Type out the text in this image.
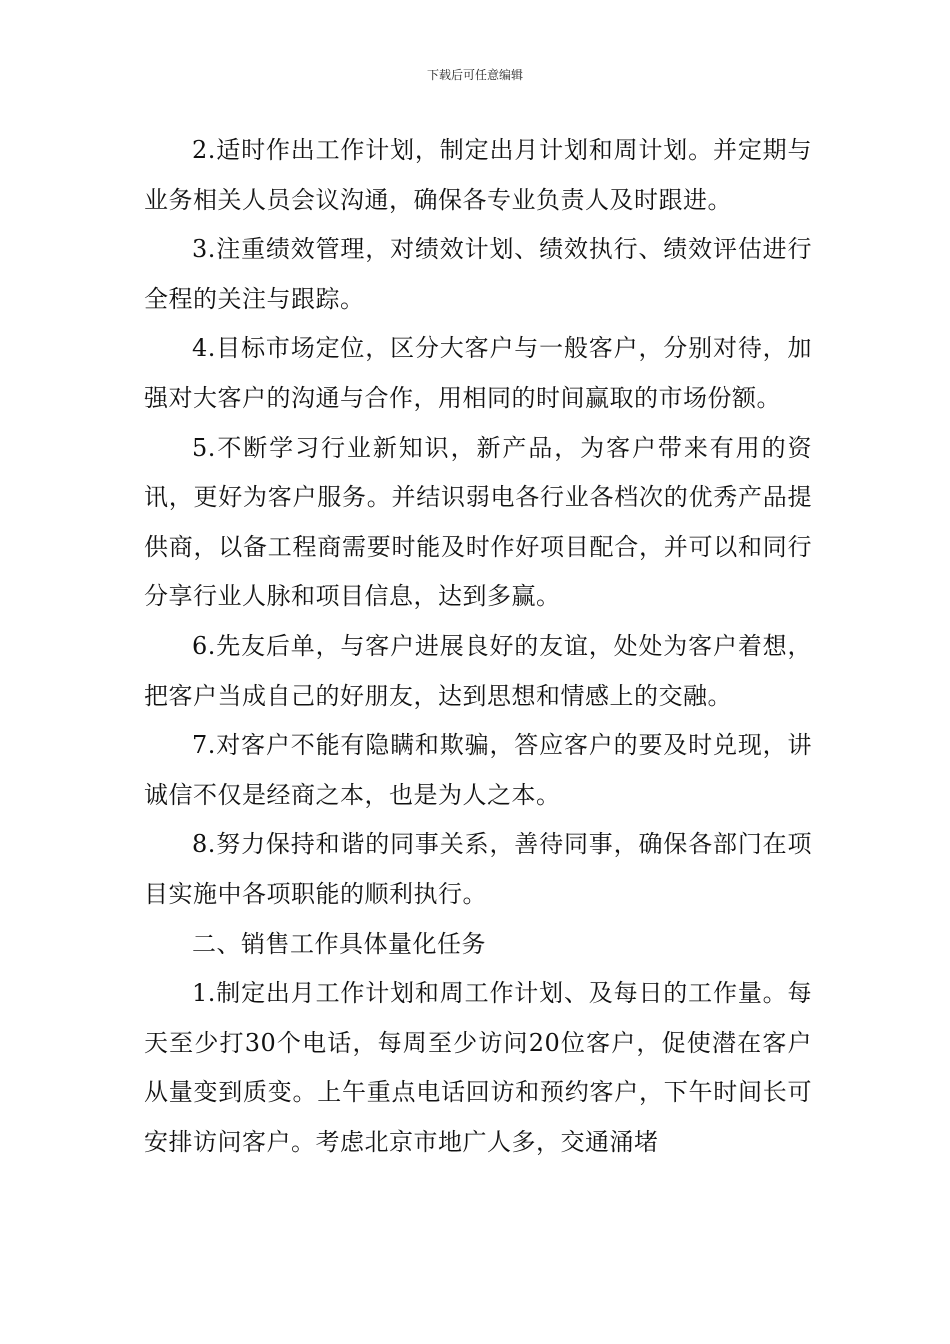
下载后可任意编辑

2.适时作出工作计划，制定出月计划和周计划。并定期与业务相关人员会议沟通，确保各专业负责人及时跟进。

3.注重绩效管理，对绩效计划、绩效执行、绩效评估进行全程的关注与跟踪。

4.目标市场定位，区分大客户与一般客户，分别对待，加强对大客户的沟通与合作，用相同的时间赢取的市场份额。

5.不断学习行业新知识，新产品，为客户带来有用的资讯，更好为客户服务。并结识弱电各行业各档次的优秀产品提供商，以备工程商需要时能及时作好项目配合，并可以和同行分享行业人脉和项目信息，达到多赢。

6.先友后单，与客户进展良好的友谊，处处为客户着想，把客户当成自己的好朋友，达到思想和情感上的交融。

7.对客户不能有隐瞒和欺骗，答应客户的要及时兑现，讲诚信不仅是经商之本，也是为人之本。

8.努力保持和谐的同事关系，善待同事，确保各部门在项目实施中各项职能的顺利执行。

二、销售工作具体量化任务

1.制定出月工作计划和周工作计划、及每日的工作量。每天至少打30个电话，每周至少访问20位客户，促使潜在客户从量变到质变。上午重点电话回访和预约客户，下午时间长可安排访问客户。考虑北京市地广人多，交通涌堵
